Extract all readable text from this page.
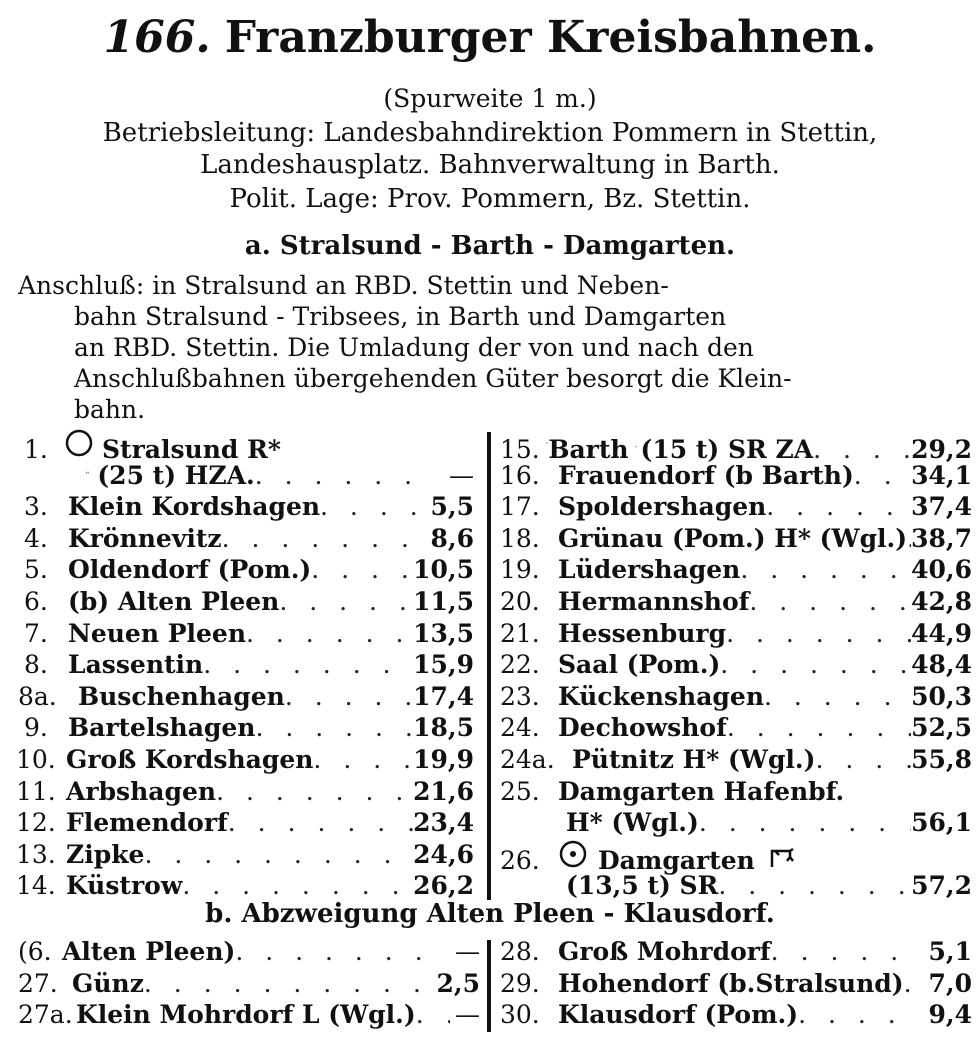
166. Franzburger Kreisbahnen.
(Spurweite 1 m.)
Betriebsleitung: Landesbahndirektion Pommern in Stettin,
Landeshausplatz. Bahnverwaltung in Barth.
Polit. Lage: Prov. Pommern, Bz. Stettin.
a. Stralsund - Barth - Damgarten.
Anschluß: in Stralsund an RBD. Stettin und Neben-
bahn Stralsund - Tribsees, in Barth und Damgarten
an RBD. Stettin. Die Umladung der von und nach den
Anschlußbahnen übergehenden Güter besorgt die Klein-
bahn.
1.	Stralsund R*
(25 t) HZA. . . .	—
3. Klein Kordshagen . . .	5,5
4. Krönnevitz . . .	8,6
5. Oldendorf (Pom.) . . .	10,5
6. (b) Alten Pleen . . .	11,5
7. Neuen Pleen . . .	13,5
8. Lassentin . . .	15,9
8a. Buschenhagen . . .	17,4
9. Bartelshagen . . .	18,5
10. Groß Kordshagen . . .	19,9
11. Arbshagen . . .	21,6
12. Flemendorf . . .	23,4
13. Zipke . . .	24,6
14. Küstrow . . .	26,2
15. Barth (15 t) SR ZA . . .	29,2
16. Frauendorf (b Barth) . . . 34,1
17. Spoldershagen . . .	37,4
18. Grünau (Pom.) H* (Wgl.) . . . 38,7
19. Lüdershagen . . .	40,6
20. Hermannshof . . .	42,8
21. Hessenburg . . .	44,9
22. Saal (Pom.) . . .	48,4
23. Kückenshagen . . .	50,3
24. Dechowshof . . .	52,5
24a. Pütnitz H* (Wgl.) . . .	55,8
25. Damgarten Hafenbf.
H* (Wgl.) . . .	56,1
26.	Damgarten
(13,5 t) SR . . .	57,2
b. Abzweigung Alten Pleen - Klausdorf.
(6. Alten Pleen) . . .	—
27. Günz . . .	2,5
27a. Klein Mohrdorf L (Wgl.) . . . —
28. Groß Mohrdorf . . .	5,1
29. Hohendorf (b.Stralsund) . . . 7,0
30. Klausdorf (Pom.) . . .	9,4
